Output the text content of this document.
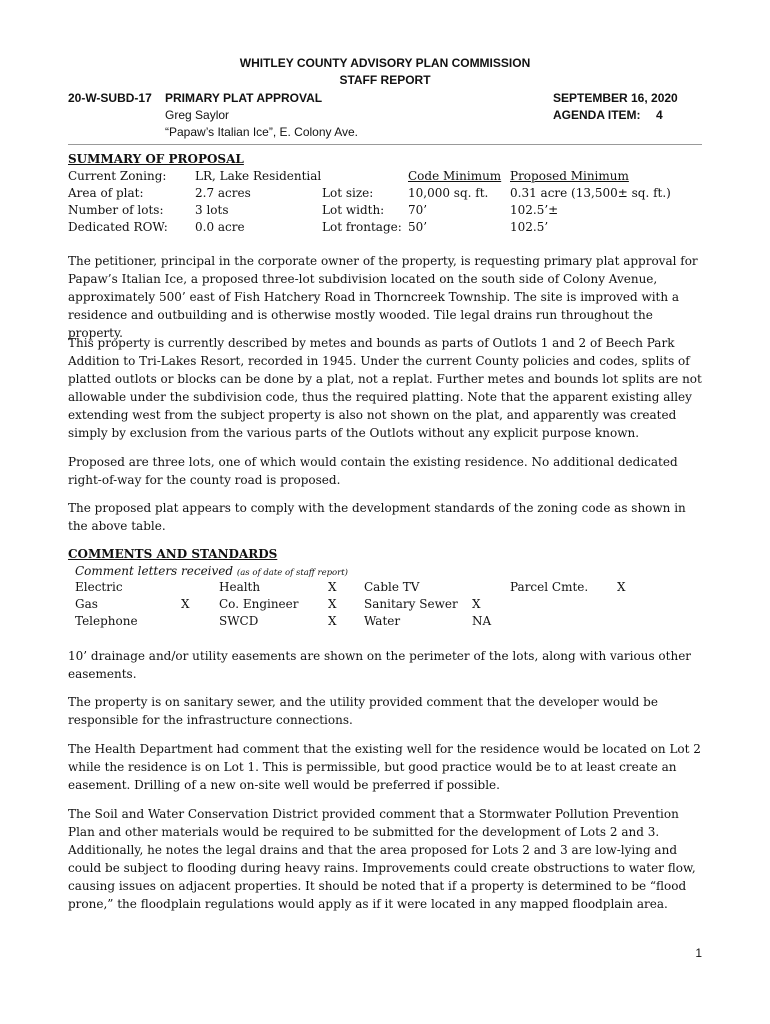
WHITLEY COUNTY ADVISORY PLAN COMMISSION
STAFF REPORT
20-W-SUBD-17 PRIMARY PLAT APPROVAL	SEPTEMBER 16, 2020
Greg Saylor	AGENDA ITEM: 4
“Papaw’s Italian Ice”, E. Colony Ave.
SUMMARY OF PROPOSAL
Code Minimum Proposed Minimum
Current Zoning: LR, Lake Residential
Area of plat:	2.7 acres	Lot size:	10,000 sq. ft. 0.31 acre (13,500± sq. ft.)
Number of lots:	3 lots	Lot width: 70’	102.5’±
Dedicated ROW: 0.0 acre	Lot frontage: 50’	102.5’

The petitioner, principal in the corporate owner of the property, is requesting primary plat approval for Papaw’s Italian Ice, a proposed three-lot subdivision located on the south side of Colony Avenue, approximately 500’ east of Fish Hatchery Road in Thorncreek Township. The site is improved with a residence and outbuilding and is otherwise mostly wooded. Tile legal drains run throughout the property.

This property is currently described by metes and bounds as parts of Outlots 1 and 2 of Beech Park Addition to Tri-Lakes Resort, recorded in 1945. Under the current County policies and codes, splits of platted outlots or blocks can be done by a plat, not a replat. Further metes and bounds lot splits are not allowable under the subdivision code, thus the required platting. Note that the apparent existing alley extending west from the subject property is also not shown on the plat, and apparently was created simply by exclusion from the various parts of the Outlots without any explicit purpose known.

Proposed are three lots, one of which would contain the existing residence. No additional dedicated right-of-way for the county road is proposed.

The proposed plat appears to comply with the development standards of the zoning code as shown in the above table.

COMMENTS AND STANDARDS
Comment letters received (as of date of staff report)
Electric	Health	X Cable TV	Parcel Cmte. X
Gas	X Co. Engineer X Sanitary Sewer X
Telephone	SWCD	X Water	NA

10’ drainage and/or utility easements are shown on the perimeter of the lots, along with various other easements.

The property is on sanitary sewer, and the utility provided comment that the developer would be responsible for the infrastructure connections.

The Health Department had comment that the existing well for the residence would be located on Lot 2 while the residence is on Lot 1. This is permissible, but good practice would be to at least create an easement. Drilling of a new on-site well would be preferred if possible.

The Soil and Water Conservation District provided comment that a Stormwater Pollution Prevention Plan and other materials would be required to be submitted for the development of Lots 2 and 3. Additionally, he notes the legal drains and that the area proposed for Lots 2 and 3 are low-lying and could be subject to flooding during heavy rains. Improvements could create obstructions to water flow, causing issues on adjacent properties. It should be noted that if a property is determined to be “flood prone,” the floodplain regulations would apply as if it were located in any mapped floodplain area.

1
